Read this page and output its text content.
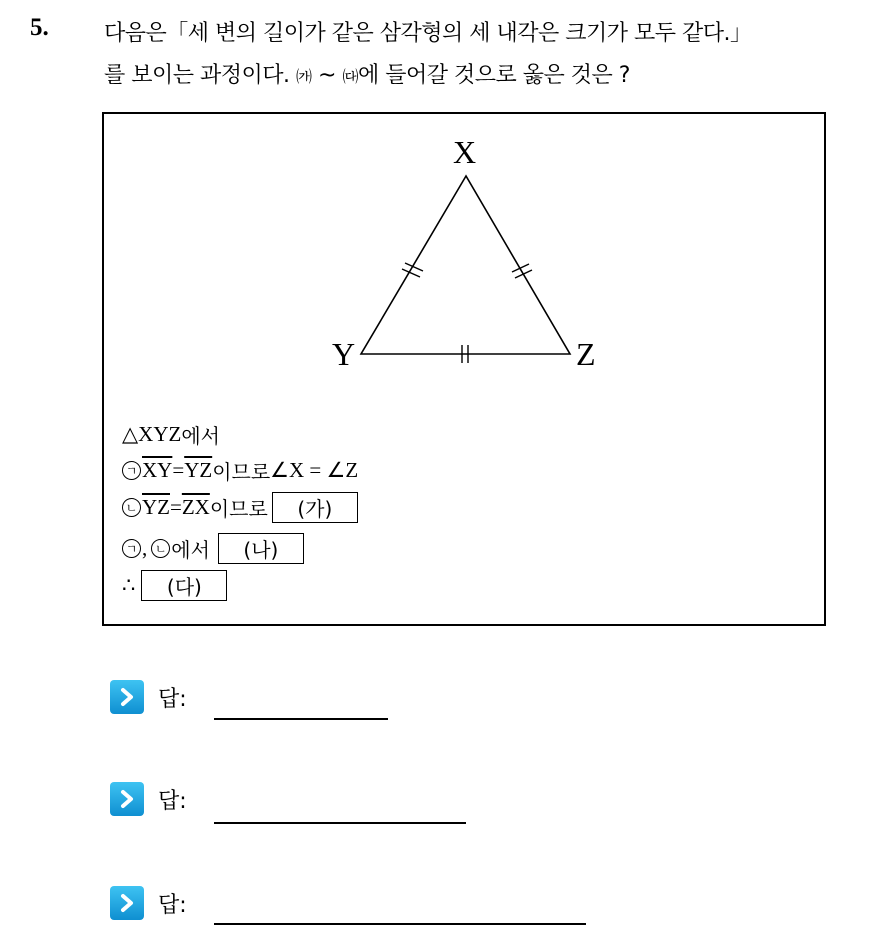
5.	다음은「세 변의 길이가 같은 삼각형의 세 내각은 크기가 모두 같다.」
를 보이는 과정이다. ㈎ ~ ㈐에 들어갈 것으로 옳은 것은 ?
X
Y	Z
△XYZ 에서
ㄱ $\overline{XY} = \overline{YZ}$ 이므로 ∠X = ∠Z
ㄴ $\overline{YZ} = \overline{ZX}$ 이므로	(가)
ㄱ , ㄴ 에서	(나)
∴	(다)
답:
답:
답:
